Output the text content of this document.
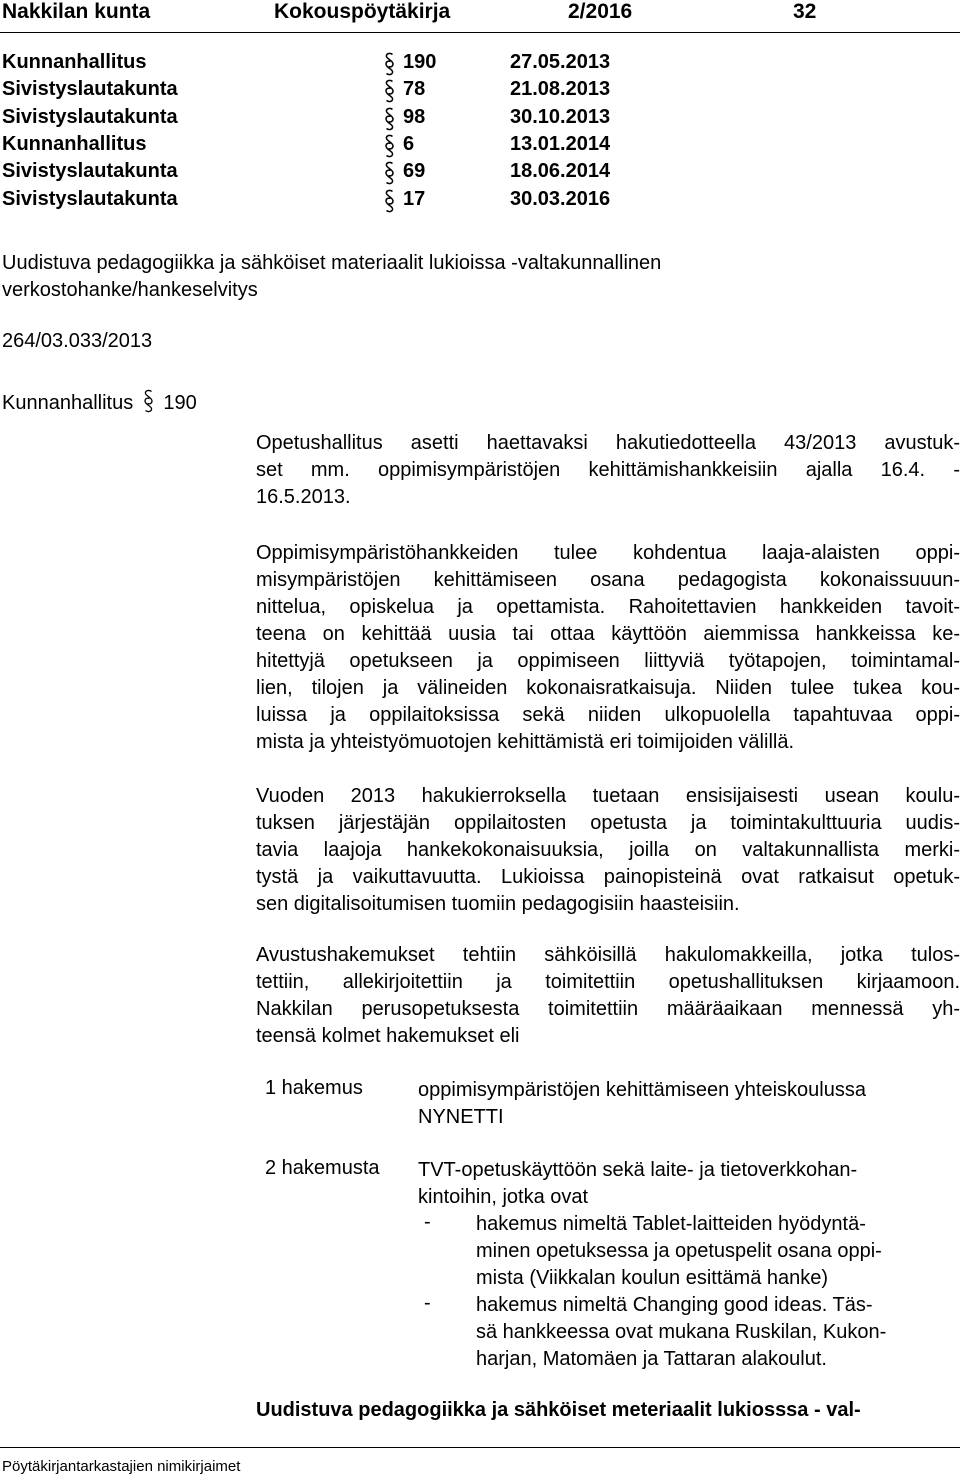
Nakkilan kunta	Kokouspöytäkirja	2/2016	32
Kunnanhallitus	190	27.05.2013
Sivistyslautakunta	78	21.08.2013
Sivistyslautakunta	98	30.10.2013
Kunnanhallitus	6	13.01.2014
Sivistyslautakunta	69	18.06.2014
Sivistyslautakunta	17	30.03.2016
Uudistuva pedagogiikka ja sähköiset materiaalit lukioissa -valtakunnallinen
verkostohanke/hankeselvitys
264/03.033/2013
Kunnanhallitus 190
Opetushallitus asetti haettavaksi hakutiedotteella 43/2013 avustuk-
set mm. oppimisympäristöjen kehittämishankkeisiin ajalla 16.4. -
16.5.2013.
Oppimisympäristöhankkeiden tulee kohdentua laaja-alaisten oppi-
misympäristöjen kehittämiseen osana pedagogista kokonaissuuun-
nittelua, opiskelua ja opettamista. Rahoitettavien hankkeiden tavoit-
teena on kehittää uusia tai ottaa käyttöön aiemmissa hankkeissa ke-
hitettyjä opetukseen ja oppimiseen liittyviä työtapojen, toimintamal-
lien, tilojen ja välineiden kokonaisratkaisuja. Niiden tulee tukea kou-
luissa ja oppilaitoksissa sekä niiden ulkopuolella tapahtuvaa oppi-
mista ja yhteistyömuotojen kehittämistä eri toimijoiden välillä.
Vuoden 2013 hakukierroksella tuetaan ensisijaisesti usean koulu-
tuksen järjestäjän oppilaitosten opetusta ja toimintakulttuuria uudis-
tavia laajoja hankekokonaisuuksia, joilla on valtakunnallista merki-
tystä ja vaikuttavuutta. Lukioissa painopisteinä ovat ratkaisut opetuk-
sen digitalisoitumisen tuomiin pedagogisiin haasteisiin.
Avustushakemukset tehtiin sähköisillä hakulomakkeilla, jotka tulos-
tettiin, allekirjoitettiin ja toimitettiin opetushallituksen kirjaamoon.
Nakkilan perusopetuksesta toimitettiin määräaikaan mennessä yh-
teensä kolmet hakemukset eli
1 hakemus	oppimisympäristöjen kehittämiseen yhteiskoulussa
NYNETTI
2 hakemusta TVT-opetuskäyttöön sekä laite- ja tietoverkkohan-
kintoihin, jotka ovat
- hakemus nimeltä Tablet-laitteiden hyödyntä-
minen opetuksessa ja opetuspelit osana oppi-
mista (Viikkalan koulun esittämä hanke)
- hakemus nimeltä Changing good ideas. Täs-
sä hankkeessa ovat mukana Ruskilan, Kukon-
harjan, Matomäen ja Tattaran alakoulut.
Uudistuva pedagogiikka ja sähköiset meteriaalit lukiosssa - val-
Pöytäkirjantarkastajien nimikirjaimet
